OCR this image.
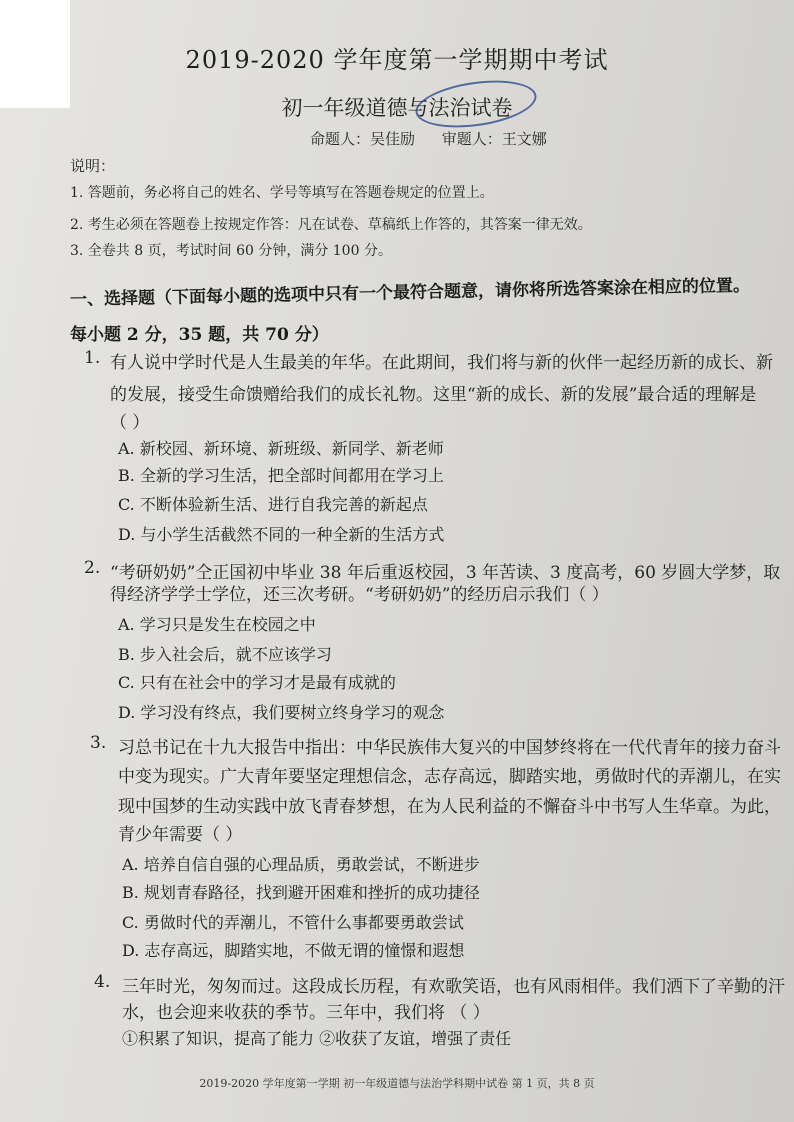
2019-2020 学年度第一学期期中考试
初一年级道德与法治试卷
命题人：吴佳励 审题人：王文娜
说明：
1. 答题前，务必将自己的姓名、学号等填写在答题卷规定的位置上。
2. 考生必须在答题卷上按规定作答：凡在试卷、草稿纸上作答的，其答案一律无效。
3. 全卷共 8 页，考试时间 60 分钟，满分 100 分。
一、选择题（下面每小题的选项中只有一个最符合题意，请你将所选答案涂在相应的位置。
每小题 2 分，35 题，共 70 分）
1. 有人说中学时代是人生最美的年华。在此期间，我们将与新的伙伴一起经历新的成长、新
的发展，接受生命馈赠给我们的成长礼物。这里“新的成长、新的发展”最合适的理解是
（ ）
A. 新校园、新环境、新班级、新同学、新老师
B. 全新的学习生活，把全部时间都用在学习上
C. 不断体验新生活、进行自我完善的新起点
D. 与小学生活截然不同的一种全新的生活方式
2. “考研奶奶”仝正国初中毕业 38 年后重返校园，3 年苦读、3 度高考，60 岁圆大学梦，取
得经济学学士学位，还三次考研。“考研奶奶”的经历启示我们（ ）
A. 学习只是发生在校园之中
B. 步入社会后，就不应该学习
C. 只有在社会中的学习才是最有成就的
D. 学习没有终点，我们要树立终身学习的观念
3. 习总书记在十九大报告中指出：中华民族伟大复兴的中国梦终将在一代代青年的接力奋斗
中变为现实。广大青年要坚定理想信念，志存高远，脚踏实地，勇做时代的弄潮儿，在实
现中国梦的生动实践中放飞青春梦想，在为人民利益的不懈奋斗中书写人生华章。为此，
青少年需要（ ）
A. 培养自信自强的心理品质，勇敢尝试，不断进步
B. 规划青春路径，找到避开困难和挫折的成功捷径
C. 勇做时代的弄潮儿，不管什么事都要勇敢尝试
D. 志存高远，脚踏实地，不做无谓的憧憬和遐想
4. 三年时光，匆匆而过。这段成长历程，有欢歌笑语，也有风雨相伴。我们洒下了辛勤的汗
水，也会迎来收获的季节。三年中，我们将 （ ）
①积累了知识，提高了能力 ②收获了友谊，增强了责任
2019-2020 学年度第一学期 初一年级道德与法治学科期中试卷 第 1 页，共 8 页
